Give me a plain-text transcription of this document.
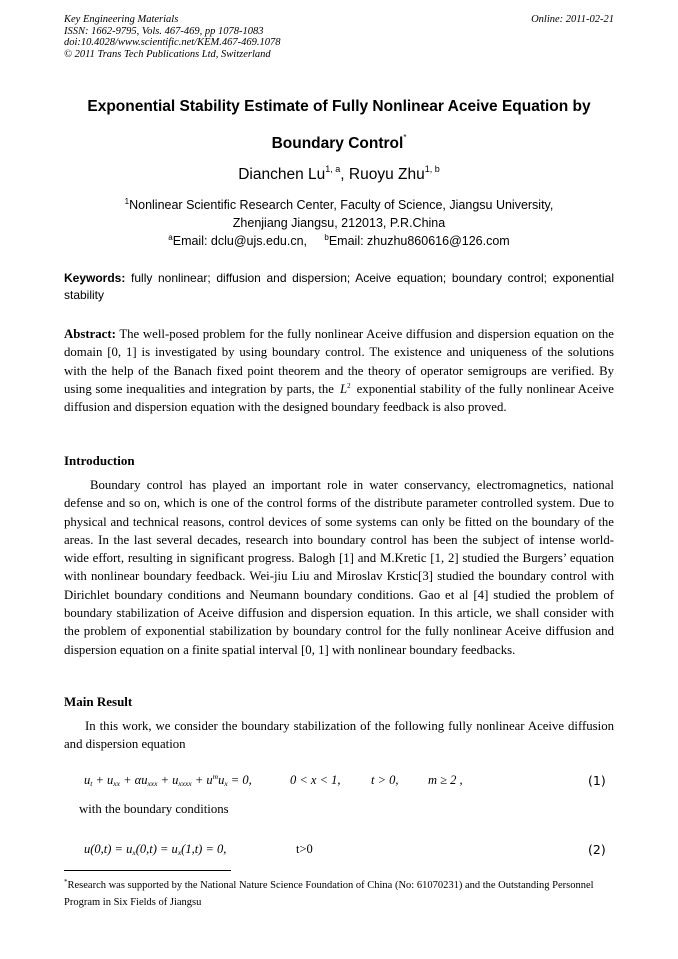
Key Engineering Materials
ISSN: 1662-9795, Vols. 467-469, pp 1078-1083
doi:10.4028/www.scientific.net/KEM.467-469.1078
© 2011 Trans Tech Publications Ltd, Switzerland
Online: 2011-02-21
Exponential Stability Estimate of Fully Nonlinear Aceive Equation by
Boundary Control*
Dianchen Lu$^{1, a}$, Ruoyu Zhu$^{1, b}$
$^1$Nonlinear Scientific Research Center, Faculty of Science, Jiangsu University,
Zhenjiang Jiangsu, 212013, P.R.China
$^a$Email: dclu@ujs.edu.cn, $^b$Email: zhuzhu860616@126.com
Keywords: fully nonlinear; diffusion and dispersion; Aceive equation; boundary control; exponential stability
Abstract: The well-posed problem for the fully nonlinear Aceive diffusion and dispersion equation on the domain [0, 1] is investigated by using boundary control. The existence and uniqueness of the solutions with the help of the Banach fixed point theorem and the theory of operator semigroups are verified. By using some inequalities and integration by parts, the $L^2$ exponential stability of the fully nonlinear Aceive diffusion and dispersion equation with the designed boundary feedback is also proved.
Introduction
Boundary control has played an important role in water conservancy, electromagnetics, national defense and so on, which is one of the control forms of the distribute parameter controlled system. Due to physical and technical reasons, control devices of some systems can only be fitted on the boundary of the areas. In the last several decades, research into boundary control has been the subject of intense world-wide effort, resulting in significant progress. Balogh [1] and M.Kretic [1, 2] studied the Burgers’ equation with nonlinear boundary feedback. Wei-jiu Liu and Miroslav Krstic[3] studied the boundary control with Dirichlet boundary conditions and Neumann boundary conditions. Gao et al [4] studied the problem of boundary stabilization of Aceive diffusion and dispersion equation. In this article, we shall consider with the problem of exponential stabilization by boundary control for the fully nonlinear Aceive diffusion and dispersion equation on a finite spatial interval [0, 1] with nonlinear boundary feedbacks.
Main Result
In this work, we consider the boundary stabilization of the following fully nonlinear Aceive diffusion and dispersion equation
$u_t + u_{xx} + \alpha u_{xxx} + u_{xxxx} + u^mu_x = 0$,	0 < x < 1, t > 0, m ≥ 2 ,	(1)
with the boundary conditions
$u(0,t) = u_x(0,t) = u_x(1,t) = 0$,	t>0	(2)
*Research was supported by the National Nature Science Foundation of China (No: 61070231) and the Outstanding Personnel Program in Six Fields of Jiangsu
